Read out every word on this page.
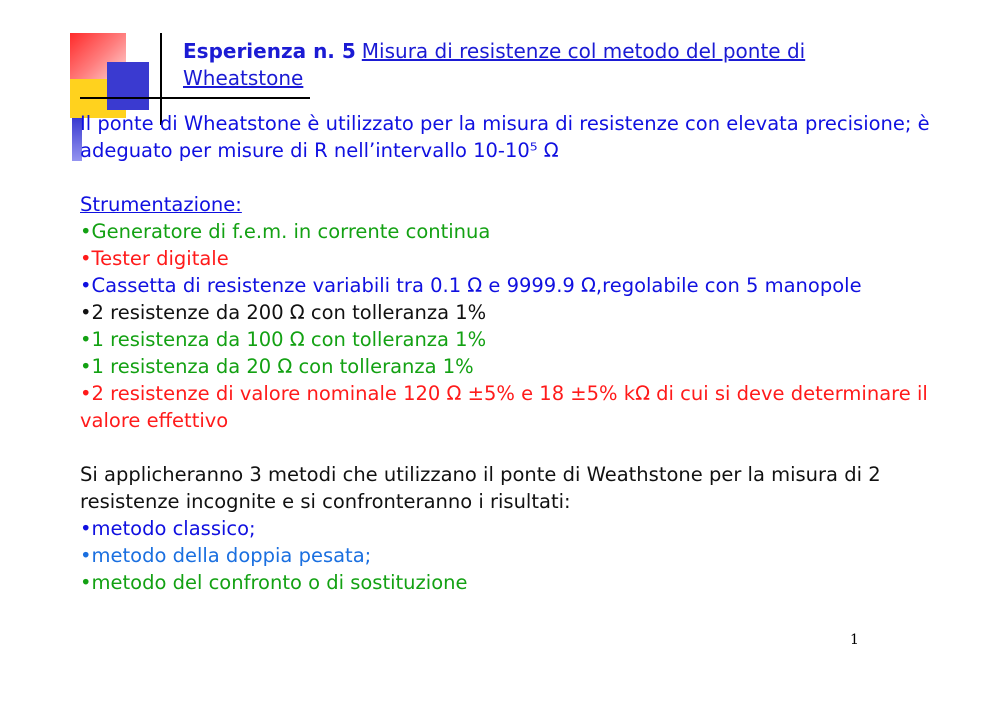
Esperienza n. 5 Misura di resistenze col metodo del ponte di Wheatstone

Il ponte di Wheatstone è utilizzato per la misura di resistenze con elevata precisione; è adeguato per misure di R nell’intervallo 10-10⁵ Ω

Strumentazione:

•Generatore di f.e.m. in corrente continua

•Tester digitale

•Cassetta di resistenze variabili tra 0.1 Ω e 9999.9 Ω,regolabile con 5 manopole

•2 resistenze da 200 Ω con tolleranza 1%

•1 resistenza da 100 Ω con tolleranza 1%

•1 resistenza da 20 Ω con tolleranza 1%

•2 resistenze di valore nominale 120 Ω ±5% e 18 ±5% kΩ di cui si deve determinare il valore effettivo

Si applicheranno 3 metodi che utilizzano il ponte di Weathstone per la misura di 2 resistenze incognite e si confronteranno i risultati:

•metodo classico;

•metodo della doppia pesata;

•metodo del confronto o di sostituzione

1
